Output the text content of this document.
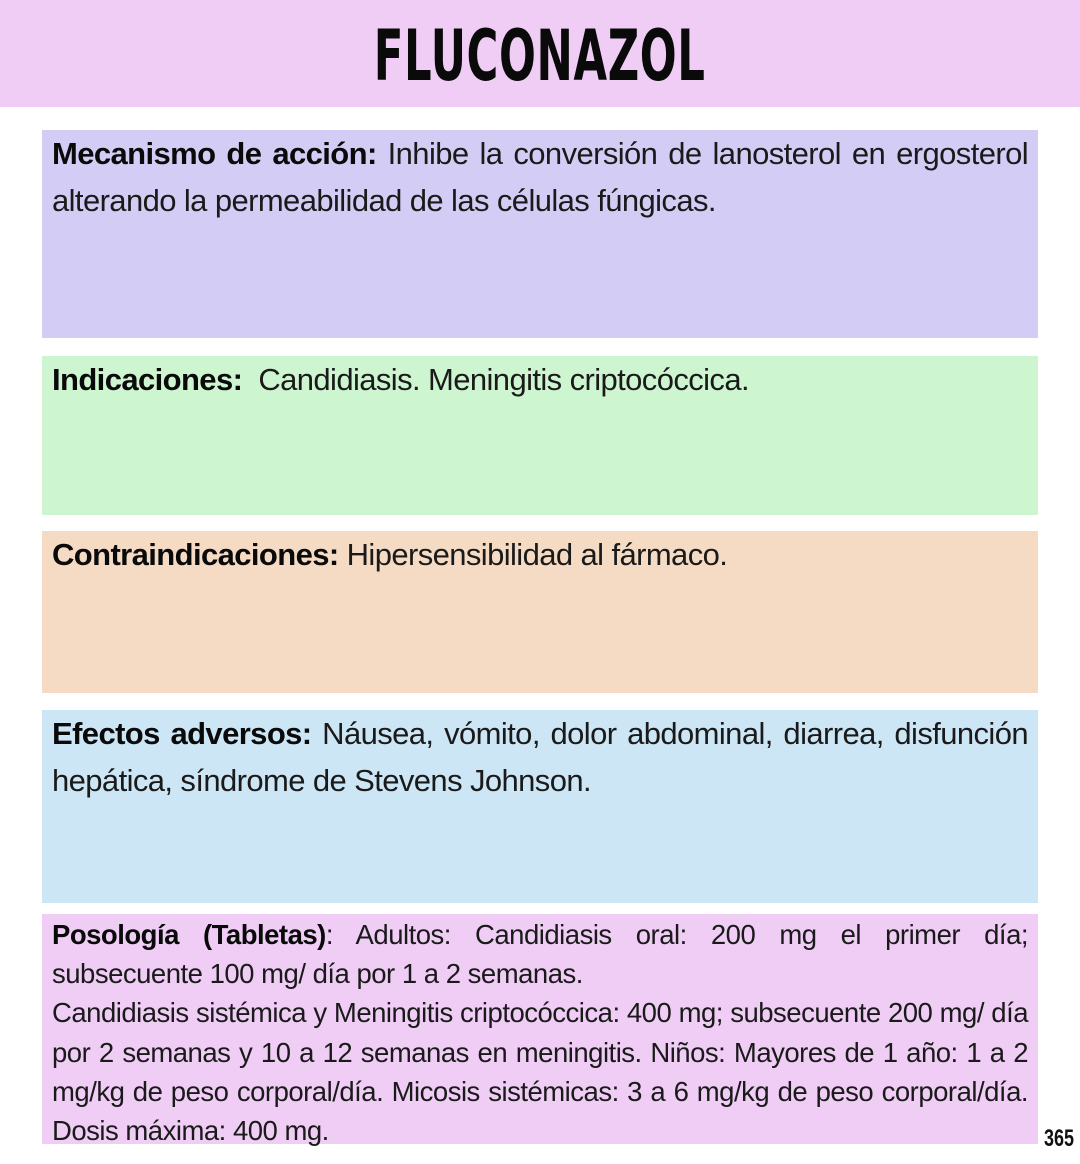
FLUCONAZOL

Mecanismo de acción: Inhibe la conversión de lanosterol en ergosterol alterando la permeabilidad de las células fúngicas.

Indicaciones:  Candidiasis. Meningitis criptocóccica.

Contraindicaciones: Hipersensibilidad al fármaco.

Efectos adversos: Náusea, vómito, dolor abdominal, diarrea, disfunción hepática, síndrome de Stevens Johnson.

Posología (Tabletas): Adultos: Candidiasis oral: 200 mg el primer día; subsecuente 100 mg/ día por 1 a 2 semanas.

Candidiasis sistémica y Meningitis criptocóccica: 400 mg; subsecuente 200 mg/ día por 2 semanas y 10 a 12 semanas en meningitis. Niños: Mayores de 1 año: 1 a 2 mg/kg de peso corporal/día. Micosis sistémicas: 3 a 6 mg/kg de peso corporal/día. Dosis máxima: 400 mg.	365
